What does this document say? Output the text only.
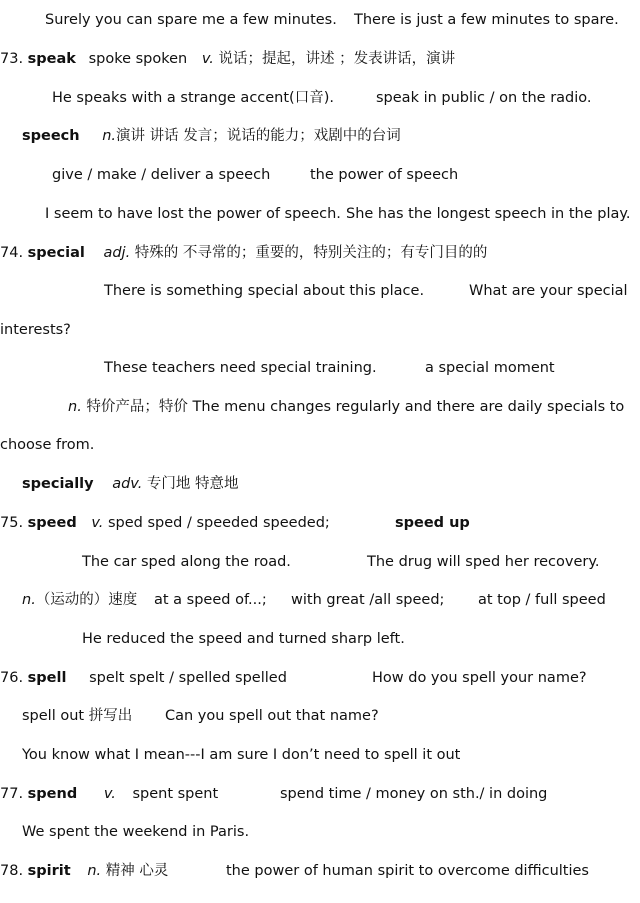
Surely you can spare me a few minutes. There is just a few minutes to spare.
73. speak spoke spoken v. 说话；提起，讲述 ；发表讲话，演讲
He speaks with a strange accent(口音).	speak in public / on the radio.
speech n.演讲 讲话 发言；说话的能力；戏剧中的台词
give / make / deliver a speech	the power of speech
I seem to have lost the power of speech. She has the longest speech in the play.
74. special adj. 特殊的 不寻常的；重要的，特别关注的；有专门目的的
There is something special about this place.	What are your special
interests?
These teachers need special training.	a special moment
n. 特价产品；特价 The menu changes regularly and there are daily specials to
choose from.
specially adv. 专门地 特意地
75. speed v. sped sped / speeded speeded;	speed up
The car sped along the road.	The drug will sped her recovery.
n.（运动的）速度 at a speed of...; with great /all speed; at top / full speed
He reduced the speed and turned sharp left.
76. spell spelt spelt / spelled spelled	How do you spell your name?
spell out 拼写出 Can you spell out that name?
You know what I mean---I am sure I don’t need to spell it out
77. spend v. spent spent	spend time / money on sth./ in doing
We spent the weekend in Paris.
78. spirit n. 精神 心灵	the power of human spirit to overcome difficulties
